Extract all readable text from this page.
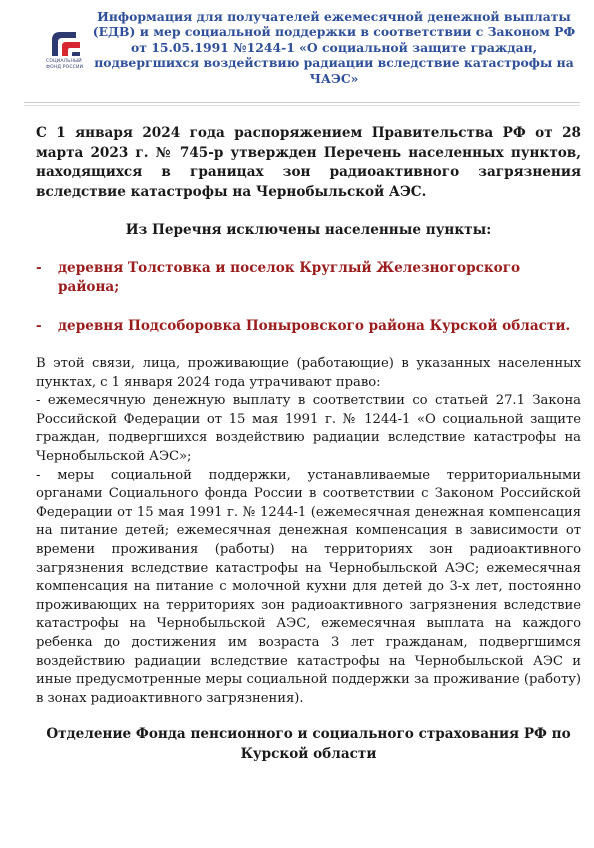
СОЦИАЛЬНЫЙ
ФОНД РОССИИ
Информация для получателей ежемесячной денежной выплаты (ЕДВ) и мер социальной поддержки в соответствии с Законом РФ от 15.05.1991 №1244-1 «О социальной защите граждан, подвергшихся воздействию радиации вследствие катастрофы на ЧАЭС»

С 1 января 2024 года распоряжением Правительства РФ от 28 марта 2023 г. № 745-р утвержден Перечень населенных пунктов, находящихся в границах зон радиоактивного загрязнения вследствие катастрофы на Чернобыльской АЭС.

Из Перечня исключены населенные пункты:

- деревня Толстовка и поселок Круглый Железногорского района;
- деревня Подсоборовка Поныровского района Курской области.

В этой связи, лица, проживающие (работающие) в указанных населенных пунктах, с 1 января 2024 года утрачивают право:
- ежемесячную денежную выплату в соответствии со статьей 27.1 Закона Российской Федерации от 15 мая 1991 г. № 1244-1 «О социальной защите граждан, подвергшихся воздействию радиации вследствие катастрофы на Чернобыльской АЭС»;
- меры социальной поддержки, устанавливаемые территориальными органами Социального фонда России в соответствии с Законом Российской Федерации от 15 мая 1991 г. № 1244-1 (ежемесячная денежная компенсация на питание детей; ежемесячная денежная компенсация в зависимости от времени проживания (работы) на территориях зон радиоактивного загрязнения вследствие катастрофы на Чернобыльской АЭС; ежемесячная компенсация на питание с молочной кухни для детей до 3-х лет, постоянно проживающих на территориях зон радиоактивного загрязнения вследствие катастрофы на Чернобыльской АЭС, ежемесячная выплата на каждого ребенка до достижения им возраста 3 лет гражданам, подвергшимся воздействию радиации вследствие катастрофы на Чернобыльской АЭС и иные предусмотренные меры социальной поддержки за проживание (работу) в зонах радиоактивного загрязнения).

Отделение Фонда пенсионного и социального страхования РФ по Курской области
